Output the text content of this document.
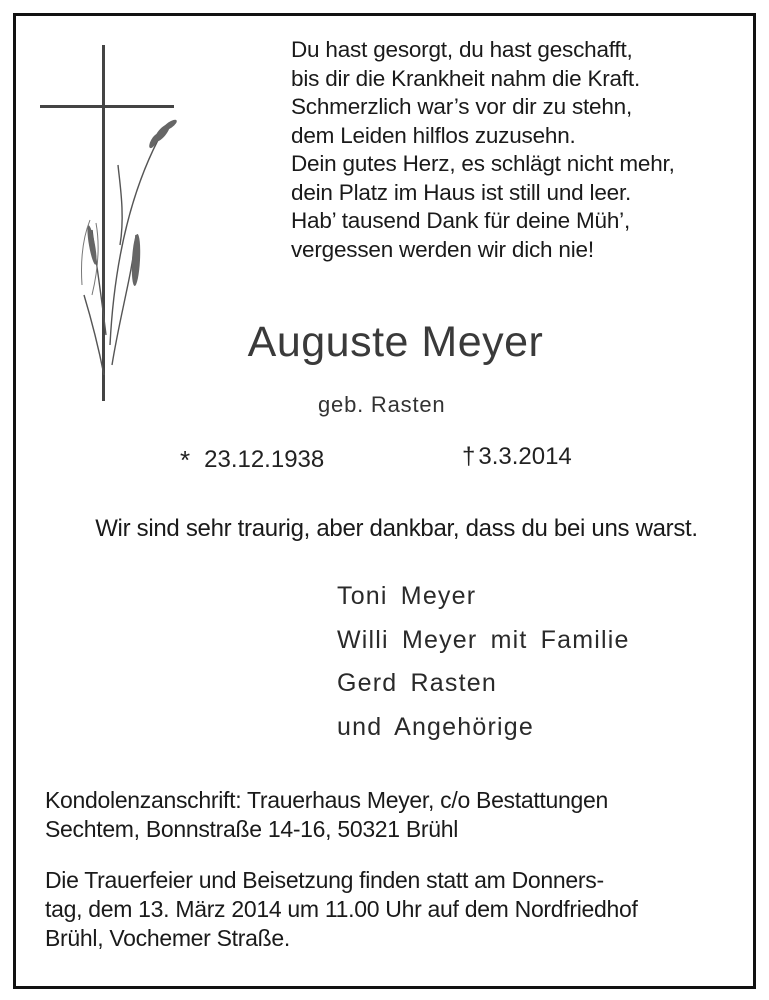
Du hast gesorgt, du hast geschafft,
bis dir die Krankheit nahm die Kraft.
Schmerzlich war’s vor dir zu stehn,
dem Leiden hilflos zuzusehn.
Dein gutes Herz, es schlägt nicht mehr,
dein Platz im Haus ist still und leer.
Hab’ tausend Dank für deine Müh’,
vergessen werden wir dich nie!
Auguste Meyer
geb. Rasten
* 23.12.1938	† 3.3.2014
Wir sind sehr traurig, aber dankbar, dass du bei uns warst.
Toni Meyer
Willi Meyer mit Familie
Gerd Rasten
und Angehörige
Kondolenzanschrift: Trauerhaus Meyer, c/o Bestattungen
Sechtem, Bonnstraße 14-16, 50321 Brühl
Die Trauerfeier und Beisetzung finden statt am Donners-
tag, dem 13. März 2014 um 11.00 Uhr auf dem Nordfriedhof
Brühl, Vochemer Straße.
